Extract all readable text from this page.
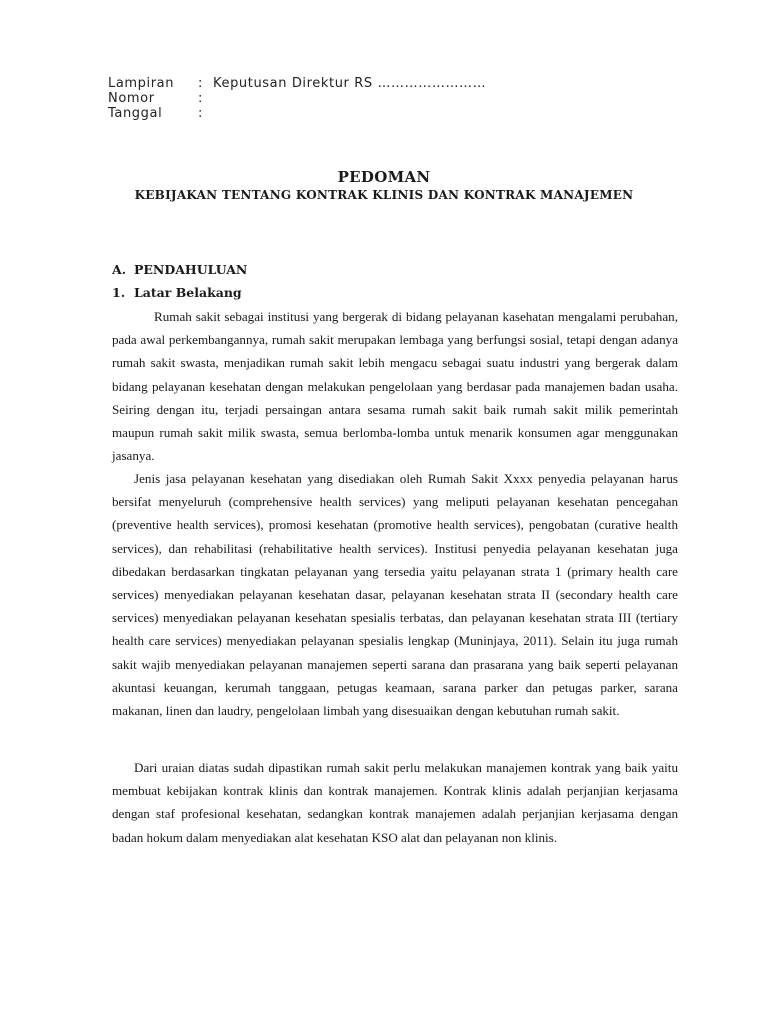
Lampiran	: Keputusan Direktur RS ……………………
Nomor	:
Tanggal	:
PEDOMAN
KEBIJAKAN TENTANG KONTRAK KLINIS DAN KONTRAK MANAJEMEN
A. PENDAHULUAN
1. Latar Belakang

Rumah sakit sebagai institusi yang bergerak di bidang pelayanan kasehatan mengalami perubahan, pada awal perkembangannya, rumah sakit merupakan lembaga yang berfungsi sosial, tetapi dengan adanya rumah sakit swasta, menjadikan rumah sakit lebih mengacu sebagai suatu industri yang bergerak dalam bidang pelayanan kesehatan dengan melakukan pengelolaan yang berdasar pada manajemen badan usaha. Seiring dengan itu, terjadi persaingan antara sesama rumah sakit baik rumah sakit milik pemerintah maupun rumah sakit milik swasta, semua berlomba-lomba untuk menarik konsumen agar menggunakan jasanya.

Jenis jasa pelayanan kesehatan yang disediakan oleh Rumah Sakit Xxxx penyedia pelayanan harus bersifat menyeluruh (comprehensive health services) yang meliputi pelayanan kesehatan pencegahan (preventive health services), promosi kesehatan (promotive health services), pengobatan (curative health services), dan rehabilitasi (rehabilitative health services). Institusi penyedia pelayanan kesehatan juga dibedakan berdasarkan tingkatan pelayanan yang tersedia yaitu pelayanan strata 1 (primary health care services) menyediakan pelayanan kesehatan dasar, pelayanan kesehatan strata II (secondary health care services) menyediakan pelayanan kesehatan spesialis terbatas, dan pelayanan kesehatan strata III (tertiary health care services) menyediakan pelayanan spesialis lengkap (Muninjaya, 2011). Selain itu juga rumah sakit wajib menyediakan pelayanan manajemen seperti sarana dan prasarana yang baik seperti pelayanan akuntasi keuangan, kerumah tanggaan, petugas keamaan, sarana parker dan petugas parker, sarana makanan, linen dan laudry, pengelolaan limbah yang disesuaikan dengan kebutuhan rumah sakit.

Dari uraian diatas sudah dipastikan rumah sakit perlu melakukan manajemen kontrak yang baik yaitu membuat kebijakan kontrak klinis dan kontrak manajemen. Kontrak klinis adalah perjanjian kerjasama dengan staf profesional kesehatan, sedangkan kontrak manajemen adalah perjanjian kerjasama dengan badan hokum dalam menyediakan alat kesehatan KSO alat dan pelayanan non klinis.
